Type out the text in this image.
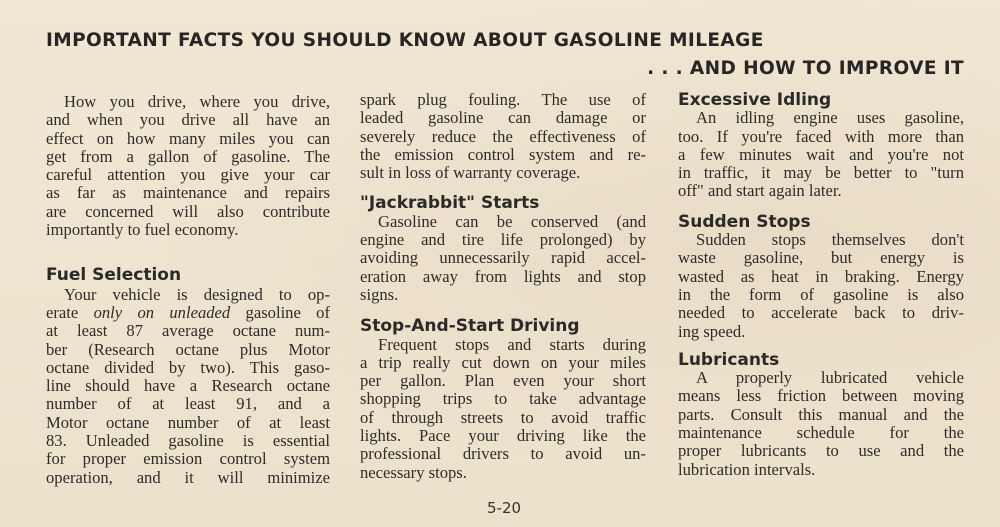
IMPORTANT FACTS YOU SHOULD KNOW ABOUT GASOLINE MILEAGE
. . . AND HOW TO IMPROVE IT
How you drive, where you drive,
and when you drive all have an
effect on how many miles you can
get from a gallon of gasoline. The
careful attention you give your car
as far as maintenance and repairs
are concerned will also contribute
importantly to fuel economy.
Fuel Selection
Your vehicle is designed to op-
erate only on unleaded gasoline of
at least 87 average octane num-
ber (Research octane plus Motor
octane divided by two). This gaso-
line should have a Research octane
number of at least 91, and a
Motor octane number of at least
83. Unleaded gasoline is essential
for proper emission control system
operation, and it will minimize
spark plug fouling. The use of
leaded gasoline can damage or
severely reduce the effectiveness of
the emission control system and re-
sult in loss of warranty coverage.
"Jackrabbit" Starts
Gasoline can be conserved (and
engine and tire life prolonged) by
avoiding unnecessarily rapid accel-
eration away from lights and stop
signs.
Stop-And-Start Driving
Frequent stops and starts during
a trip really cut down on your miles
per gallon. Plan even your short
shopping trips to take advantage
of through streets to avoid traffic
lights. Pace your driving like the
professional drivers to avoid un-
necessary stops.
Excessive Idling
An idling engine uses gasoline,
too. If you're faced with more than
a few minutes wait and you're not
in traffic, it may be better to "turn
off" and start again later.
Sudden Stops
Sudden stops themselves don't
waste gasoline, but energy is
wasted as heat in braking. Energy
in the form of gasoline is also
needed to accelerate back to driv-
ing speed.
Lubricants
A properly lubricated vehicle
means less friction between moving
parts. Consult this manual and the
maintenance schedule for the
proper lubricants to use and the
lubrication intervals.
5-20
